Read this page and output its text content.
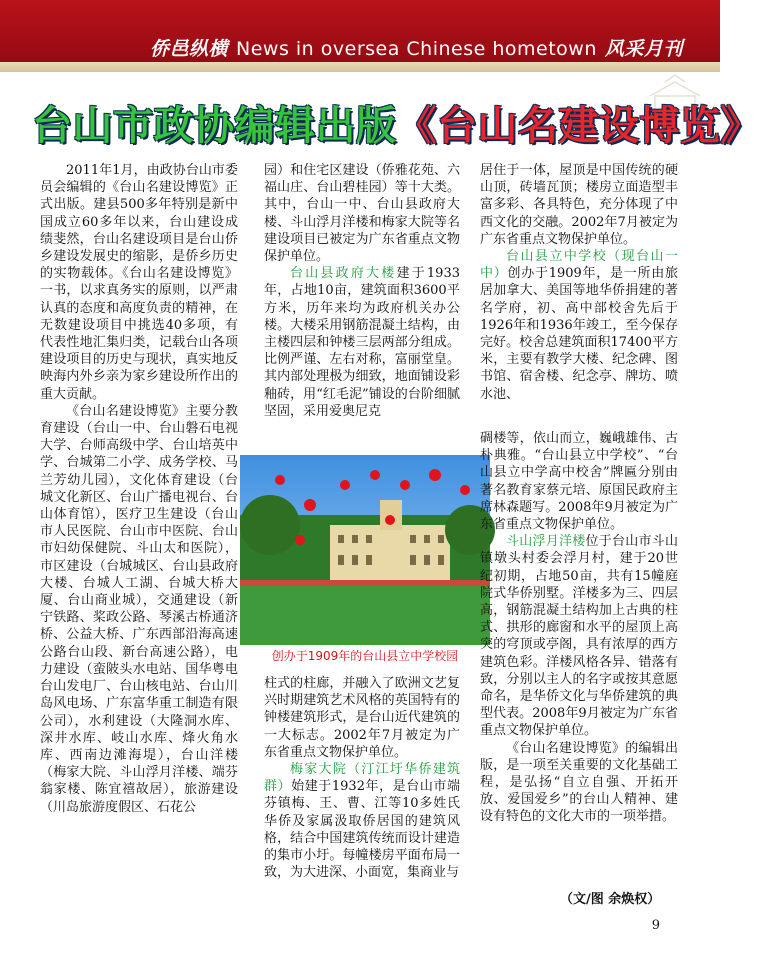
侨邑纵横 News in oversea Chinese hometown 风采月刊
台山市政协编辑出版《台山名建设博览》

2011年1月，由政协台山市委员会编辑的《台山名建设博览》正式出版。建县500多年特别是新中国成立60多年以来，台山建设成绩斐然，台山名建设项目是台山侨乡建设发展史的缩影，是侨乡历史的实物载体。《台山名建设博览》一书，以求真务实的原则，以严肃认真的态度和高度负责的精神，在无数建设项目中挑选40多项，有代表性地汇集归类，记载台山各项建设项目的历史与现状，真实地反映海内外乡亲为家乡建设所作出的重大贡献。

《台山名建设博览》主要分教育建设（台山一中、台山磐石电视大学、台师高级中学、台山培英中学、台城第二小学、成务学校、马兰芳幼儿园），文化体育建设（台城文化新区、台山广播电视台、台山体育馆），医疗卫生建设（台山市人民医院、台山市中医院、台山市妇幼保健院、斗山太和医院），市区建设（台城城区、台山县政府大楼、台城人工湖、台城大桥大厦、台山商业城），交通建设（新宁铁路、桨政公路、琴溪古桥通济桥、公益大桥、广东西部沿海高速公路台山段、新台高速公路），电力建设（蛮陂头水电站、国华粤电台山发电厂、台山核电站、台山川岛风电场、广东富华重工制造有限公司），水利建设（大隆洞水库、深井水库、岐山水库、烽火角水库、西南边滩海堤），台山洋楼（梅家大院、斗山浮月洋楼、端芬翁家楼、陈宜禧故居），旅游建设（川岛旅游度假区、石花公

园）和住宅区建设（侨雅花苑、六福山庄、台山碧桂园）等十大类。其中，台山一中、台山县政府大楼、斗山浮月洋楼和梅家大院等名建设项目已被定为广东省重点文物保护单位。

台山县政府大楼建于1933年，占地10亩，建筑面积3600平方米，历年来均为政府机关办公楼。大楼采用钢筋混凝土结构，由主楼四层和钟楼三层两部分组成。比例严谨、左右对称，富丽堂皇。其内部处理极为细致，地面铺设彩釉砖，用“红毛泥”铺设的台阶细腻坚固，采用爱奥尼克

创办于1909年的台山县立中学校园

柱式的柱廊，并融入了欧洲文艺复兴时期建筑艺术风格的英国特有的钟楼建筑形式，是台山近代建筑的一大标志。2002年7月被定为广东省重点文物保护单位。

梅家大院（汀江圩华侨建筑群）始建于1932年，是台山市端芬镇梅、王、曹、江等10多姓氏华侨及家属汲取侨居国的建筑风格，结合中国建筑传统而设计建造的集市小圩。每幢楼房平面布局一致，为大进深、小面宽，集商业与

居住于一体，屋顶是中国传统的硬山顶，砖墙瓦顶；楼房立面造型丰富多彩、各具特色，充分体现了中西文化的交融。2002年7月被定为广东省重点文物保护单位。

台山县立中学校（现台山一中）创办于1909年，是一所由旅居加拿大、美国等地华侨捐建的著名学府，初、高中部校舍先后于1926年和1936年竣工，至今保存完好。校舍总建筑面积17400平方米，主要有教学大楼、纪念碑、图书馆、宿舍楼、纪念亭、牌坊、喷水池、

碉楼等，依山而立，巍峨雄伟、古朴典雅。“台山县立中学校”、“台山县立中学高中校舍”牌匾分别由著名教育家蔡元培、原国民政府主席林森题写。2008年9月被定为广东省重点文物保护单位。

斗山浮月洋楼位于台山市斗山镇墩头村委会浮月村，建于20世纪初期，占地50亩，共有15幢庭院式华侨别墅。洋楼多为三、四层高，钢筋混凝土结构加上古典的柱式、拱形的廊窗和水平的屋顶上高突的穹顶或亭阁，具有浓厚的西方建筑色彩。洋楼风格各异、错落有致，分别以主人的名字或按其意愿命名，是华侨文化与华侨建筑的典型代表。2008年9月被定为广东省重点文物保护单位。

《台山名建设博览》的编辑出版，是一项至关重要的文化基础工程，是弘扬“自立自强、开拓开放、爱国爱乡”的台山人精神、建设有特色的文化大市的一项举措。

（文/图 余焕权）
9
